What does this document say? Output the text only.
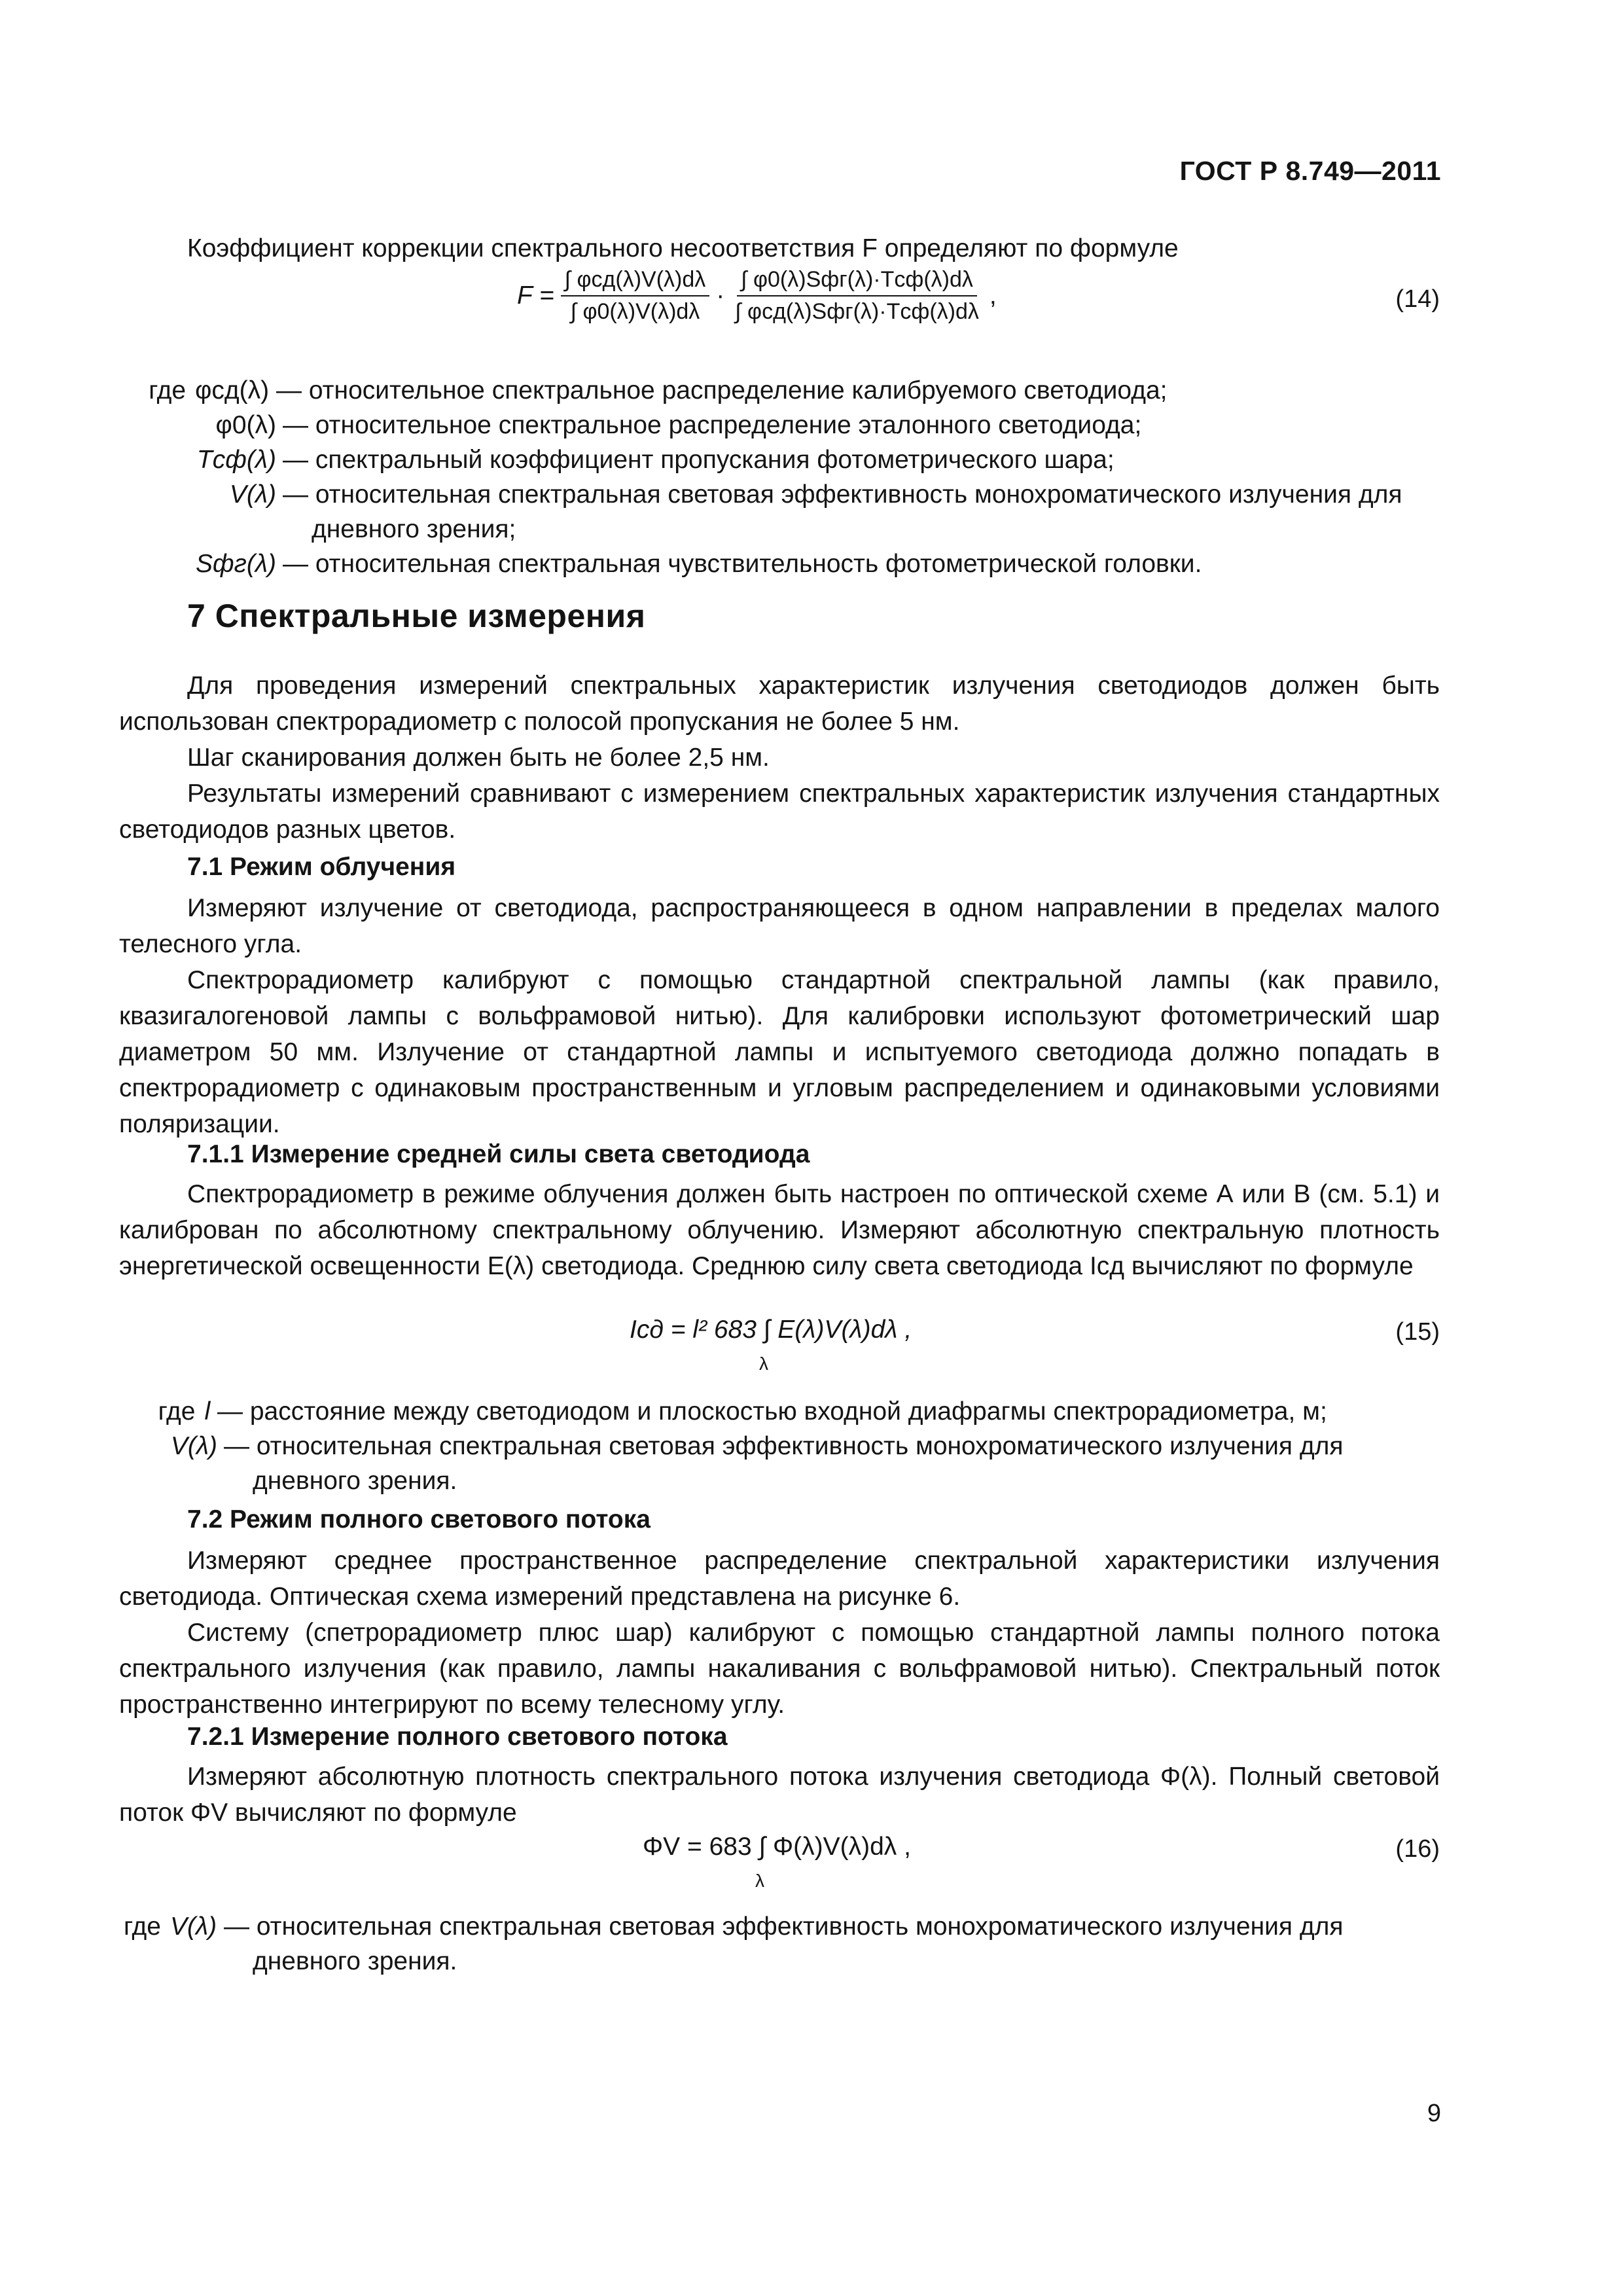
ГОСТ Р 8.749—2011
Коэффициент коррекции спектрального несоответствия F определяют по формуле
$F = \frac{\text{∫ φсд(λ)V(λ)dλ}}{\int \varphi 0(\lambda)V(\lambda)d\lambda} \cdot \frac{\text{∫ φ0(λ)Sфг(λ)·Tсф(λ)dλ}}{\text{∫ φсд(λ)Sфг(λ)·Tсф(λ)dλ}}$ ,	(14)
где φсд(λ) — относительное спектральное распределение калибруемого светодиода;
φ0(λ) — относительное спектральное распределение эталонного светодиода;
Tсф(λ) — спектральный коэффициент пропускания фотометрического шара;
V(λ) — относительная спектральная световая эффективность монохроматического излучения для
дневного зрения;
Sфг(λ) — относительная спектральная чувствительность фотометрической головки.
7 Спектральные измерения
Для проведения измерений спектральных характеристик излучения светодиодов должен быть использован спектрорадиометр с полосой пропускания не более 5 нм.
Шаг сканирования должен быть не более 2,5 нм.
Результаты измерений сравнивают с измерением спектральных характеристик излучения стандартных светодиодов разных цветов.
7.1 Режим облучения
Измеряют излучение от светодиода, распространяющееся в одном направлении в пределах малого телесного угла.
Спектрорадиометр калибруют с помощью стандартной спектральной лампы (как правило, квазигалогеновой лампы с вольфрамовой нитью). Для калибровки используют фотометрический шар диаметром 50 мм. Излучение от стандартной лампы и испытуемого светодиода должно попадать в спектрорадиометр с одинаковым пространственным и угловым распределением и одинаковыми условиями поляризации.
7.1.1 Измерение средней силы света светодиода
Спектрорадиометр в режиме облучения должен быть настроен по оптической схеме А или В (см. 5.1) и калиброван по абсолютному спектральному облучению. Измеряют абсолютную спектральную плотность энергетической освещенности E(λ) светодиода. Среднюю силу света светодиода Iсд вычисляют по формуле
Iсд = l² 683 ∫ E(λ)V(λ)dλ ,
λ
(15)
где l — расстояние между светодиодом и плоскостью входной диафрагмы спектрорадиометра, м;
V(λ) — относительная спектральная световая эффективность монохроматического излучения для
дневного зрения.
7.2 Режим полного светового потока
Измеряют среднее пространственное распределение спектральной характеристики излучения светодиода. Оптическая схема измерений представлена на рисунке 6.
Систему (спетрорадиометр плюс шар) калибруют с помощью стандартной лампы полного потока спектрального излучения (как правило, лампы накаливания с вольфрамовой нитью). Спектральный поток пространственно интегрируют по всему телесному углу.
7.2.1 Измерение полного светового потока
Измеряют абсолютную плотность спектрального потока излучения светодиода Φ(λ). Полный световой поток ΦV вычисляют по формуле
ΦV = 683 ∫ Φ(λ)V(λ)dλ ,
λ
(16)
где V(λ) — относительная спектральная световая эффективность монохроматического излучения для
дневного зрения.
9
